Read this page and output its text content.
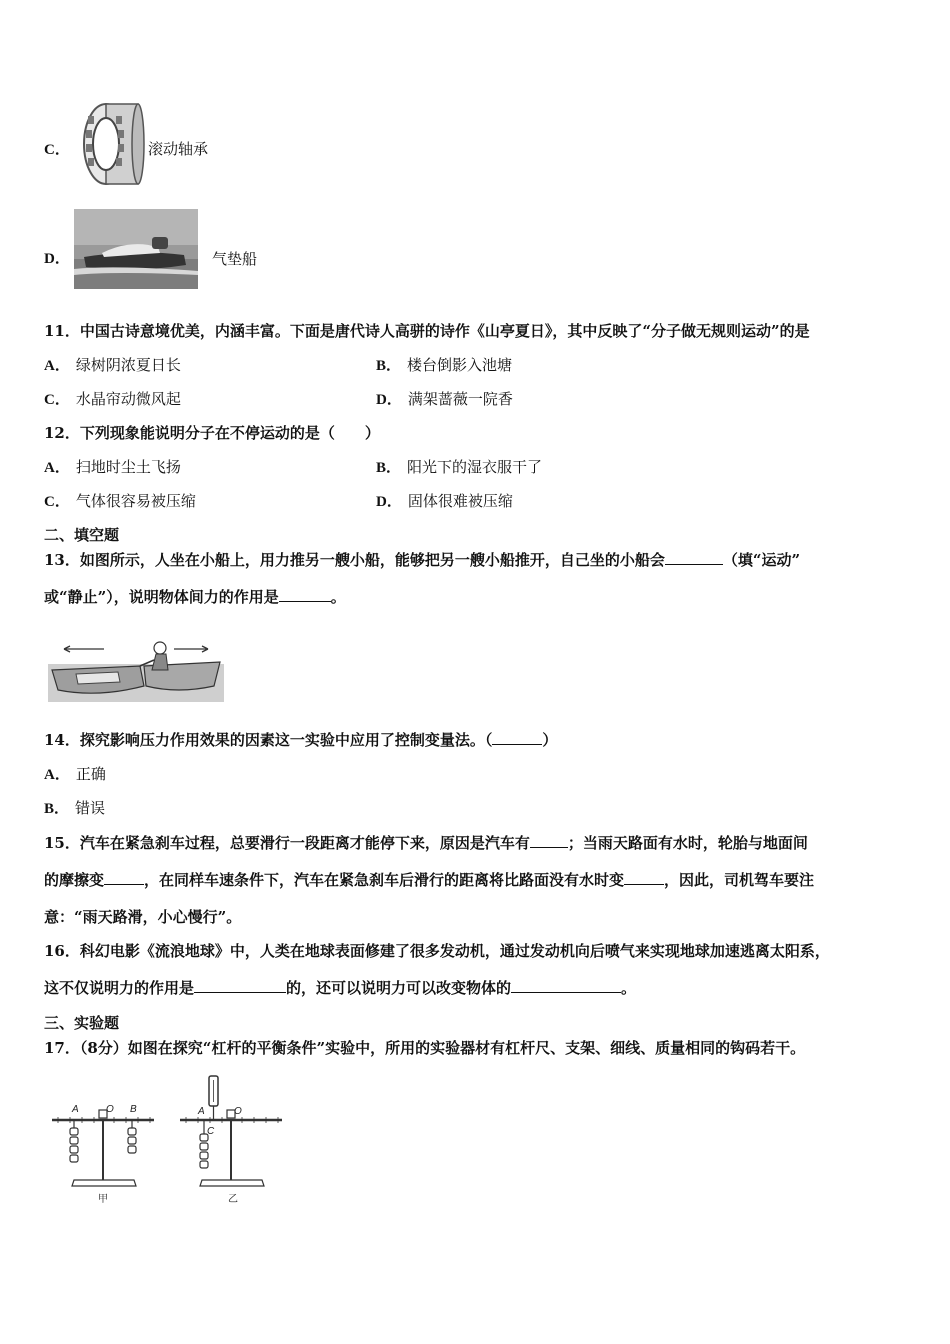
C．	滚动轴承
D．	气垫船
11．中国古诗意境优美，内涵丰富。下面是唐代诗人高骈的诗作《山亭夏日》，其中反映了“分子做无规则运动”的是
A． 绿树阴浓夏日长	B． 楼台倒影入池塘
C． 水晶帘动微风起	D． 满架蔷薇一院香
12．下列现象能说明分子在不停运动的是（　　）
A． 扫地时尘土飞扬	B． 阳光下的湿衣服干了
C． 气体很容易被压缩	D． 固体很难被压缩
二、填空题
13．如图所示，人坐在小船上，用力推另一艘小船，能够把另一艘小船推开，自己坐的小船会	（填“运动”
或“静止”），说明物体间力的作用是	。
14．探究影响压力作用效果的因素这一实验中应用了控制变量法。（	）
A． 正确
B． 错误
15．汽车在紧急刹车过程，总要滑行一段距离才能停下来，原因是汽车有	；当雨天路面有水时，轮胎与地面间
的摩擦变	，在同样车速条件下，汽车在紧急刹车后滑行的距离将比路面没有水时变	，因此，司机驾车要注
意：“雨天路滑，小心慢行”。
16．科幻电影《流浪地球》中，人类在地球表面修建了很多发动机，通过发动机向后喷气来实现地球加速逃离太阳系，
这不仅说明力的作用是	的，还可以说明力可以改变物体的	。
三、实验题
17．（8分）如图在探究“杠杆的平衡条件”实验中，所用的实验器材有杠杆尺、支架、细线、质量相同的钩码若干。
A	O B
甲
A	O
C
乙
